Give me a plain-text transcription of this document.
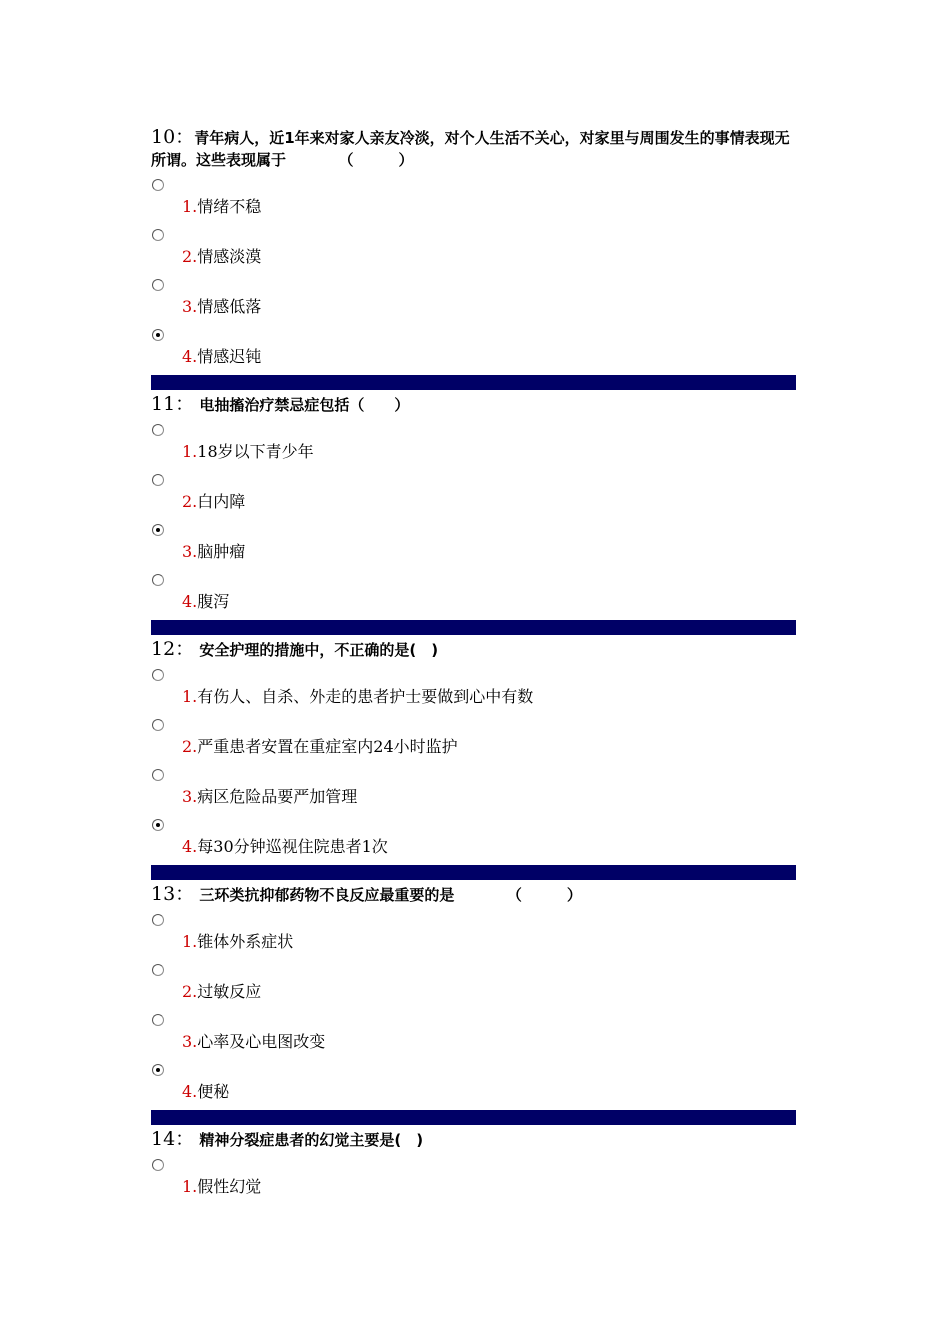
10：青年病人，近1年来对家人亲友冷淡，对个人生活不关心，对家里与周围发生的事情表现无所谓。这些表现属于　　　　（　　　）
1.情绪不稳
2.情感淡漠
3.情感低落
4.情感迟钝
11： 电抽搐治疗禁忌症包括（　　）
1.18岁以下青少年
2.白内障
3.脑肿瘤
4.腹泻
12： 安全护理的措施中，不正确的是(　)
1.有伤人、自杀、外走的患者护士要做到心中有数
2.严重患者安置在重症室内24小时监护
3.病区危险品要严加管理
4.每30分钟巡视住院患者1次
13： 三环类抗抑郁药物不良反应最重要的是　　　　（　　　）
1.锥体外系症状
2.过敏反应
3.心率及心电图改变
4.便秘
14： 精神分裂症患者的幻觉主要是(　)
1.假性幻觉
